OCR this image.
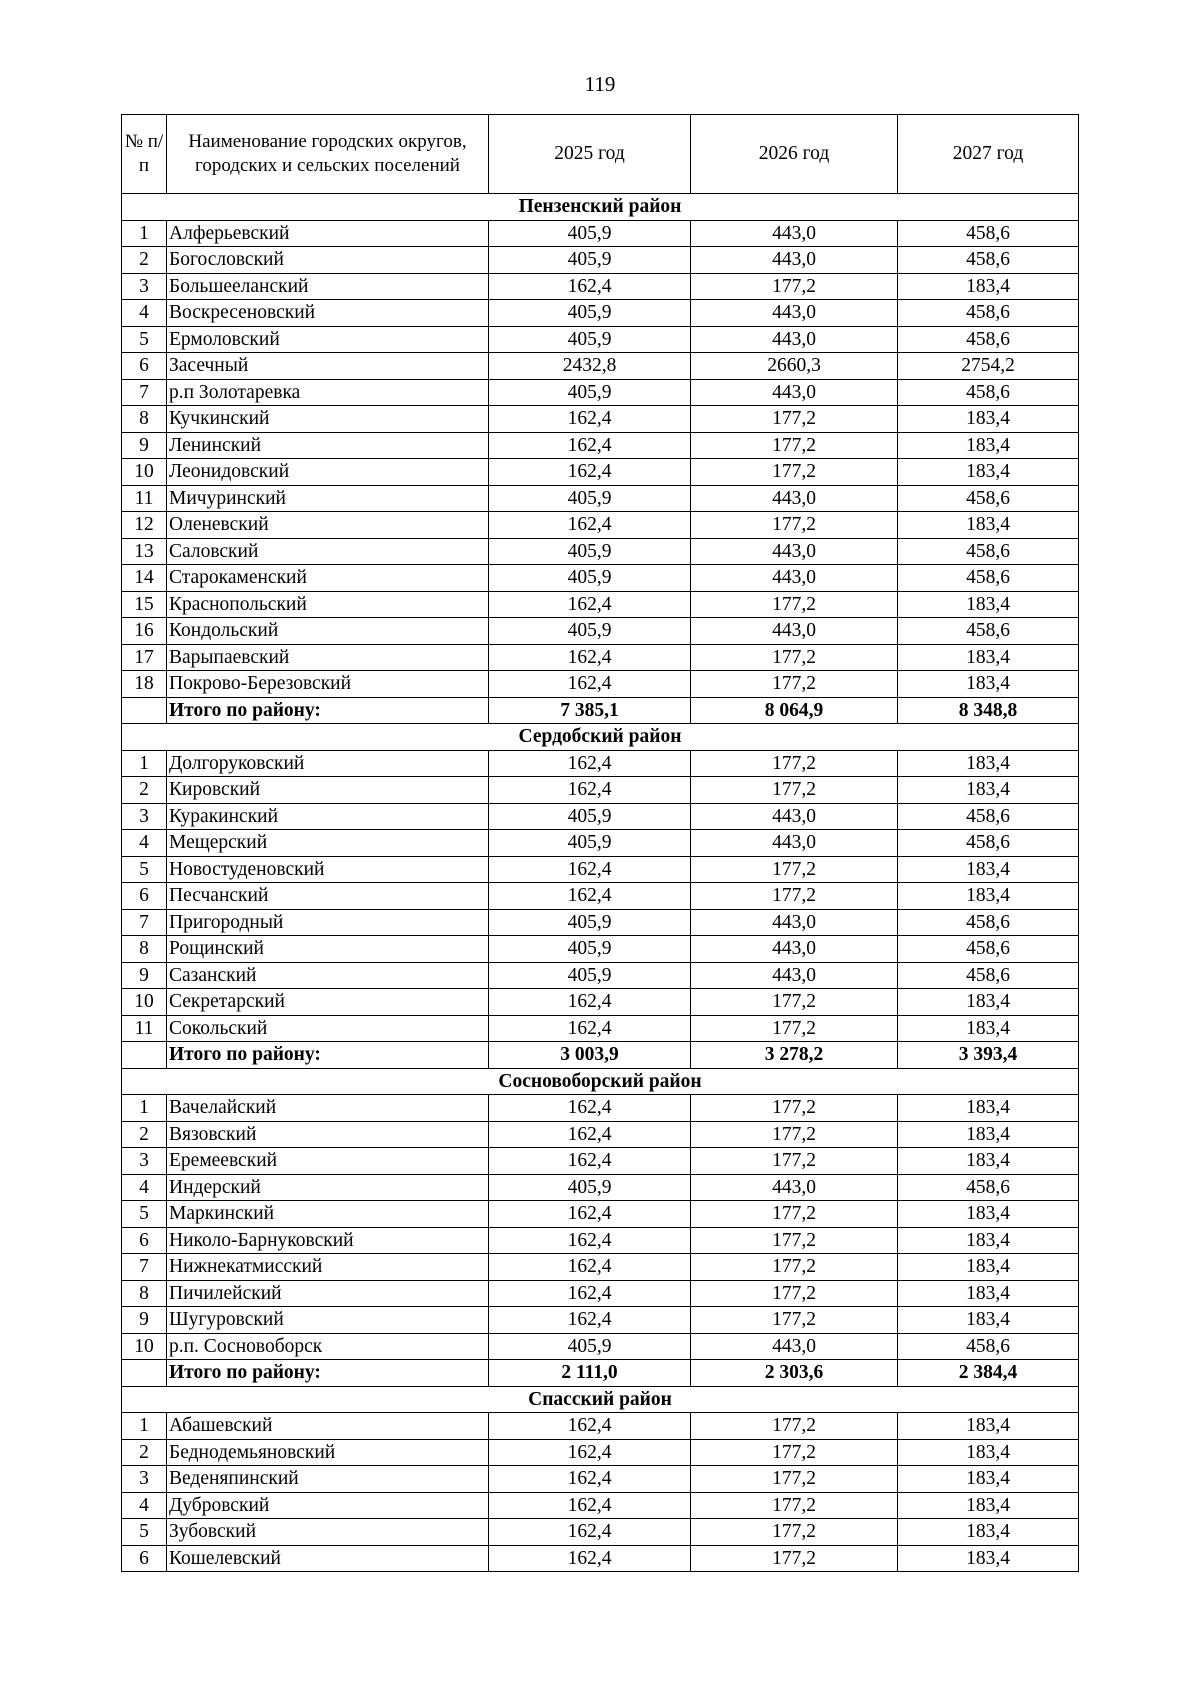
119
№ п/п	Наименование городских округов, городских и сельских поселений	2025 год	2026 год	2027 год
Пензенский район				
1	Алферьевский	405,9	443,0	458,6
2	Богословский	405,9	443,0	458,6
3	Большееланский	162,4	177,2	183,4
4	Воскресеновский	405,9	443,0	458,6
5	Ермоловский	405,9	443,0	458,6
6	Засечный	2432,8	2660,3	2754,2
7	р.п Золотаревка	405,9	443,0	458,6
8	Кучкинский	162,4	177,2	183,4
9	Ленинский	162,4	177,2	183,4
10	Леонидовский	162,4	177,2	183,4
11	Мичуринский	405,9	443,0	458,6
12	Оленевский	162,4	177,2	183,4
13	Саловский	405,9	443,0	458,6
14	Старокаменский	405,9	443,0	458,6
15	Краснопольский	162,4	177,2	183,4
16	Кондольский	405,9	443,0	458,6
17	Варыпаевский	162,4	177,2	183,4
18	Покрово-Березовский	162,4	177,2	183,4
	Итого по району:	7 385,1	8 064,9	8 348,8
Сердобский район				
1	Долгоруковский	162,4	177,2	183,4
2	Кировский	162,4	177,2	183,4
3	Куракинский	405,9	443,0	458,6
4	Мещерский	405,9	443,0	458,6
5	Новостуденовский	162,4	177,2	183,4
6	Песчанский	162,4	177,2	183,4
7	Пригородный	405,9	443,0	458,6
8	Рощинский	405,9	443,0	458,6
9	Сазанский	405,9	443,0	458,6
10	Секретарский	162,4	177,2	183,4
11	Сокольский	162,4	177,2	183,4
	Итого по району:	3 003,9	3 278,2	3 393,4
Сосновоборский район				
1	Вачелайский	162,4	177,2	183,4
2	Вязовский	162,4	177,2	183,4
3	Еремеевский	162,4	177,2	183,4
4	Индерский	405,9	443,0	458,6
5	Маркинский	162,4	177,2	183,4
6	Николо-Барнуковский	162,4	177,2	183,4
7	Нижнекатмисский	162,4	177,2	183,4
8	Пичилейский	162,4	177,2	183,4
9	Шугуровский	162,4	177,2	183,4
10	р.п. Сосновоборск	405,9	443,0	458,6
	Итого по району:	2 111,0	2 303,6	2 384,4
Спасский район				
1	Абашевский	162,4	177,2	183,4
2	Беднодемьяновский	162,4	177,2	183,4
3	Веденяпинский	162,4	177,2	183,4
4	Дубровский	162,4	177,2	183,4
5	Зубовский	162,4	177,2	183,4
6	Кошелевский	162,4	177,2	183,4
